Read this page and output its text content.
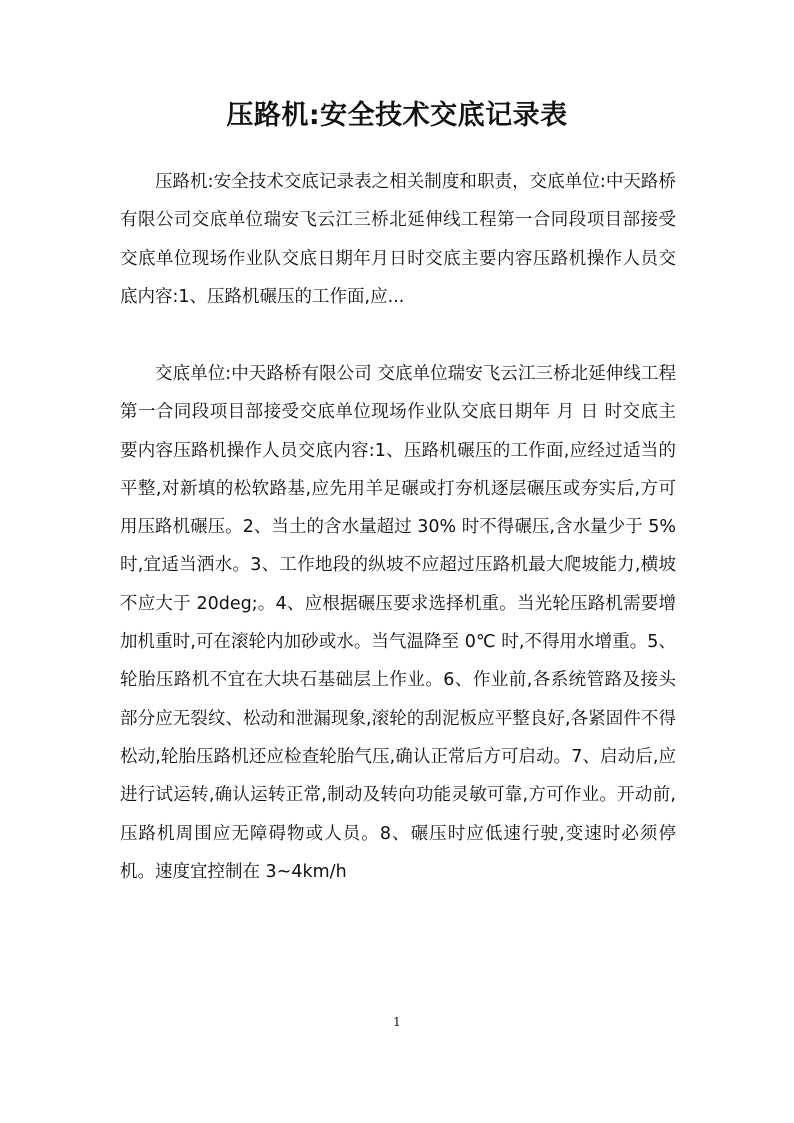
压路机:安全技术交底记录表

压路机:安全技术交底记录表之相关制度和职责，交底单位:中天路桥有限公司交底单位瑞安飞云江三桥北延伸线工程第一合同段项目部接受交底单位现场作业队交底日期年月日时交底主要内容压路机操作人员交底内容:1、压路机碾压的工作面,应...

交底单位:中天路桥有限公司 交底单位瑞安飞云江三桥北延伸线工程第一合同段项目部接受交底单位现场作业队交底日期年 月 日 时交底主要内容压路机操作人员交底内容:1、压路机碾压的工作面,应经过适当的平整,对新填的松软路基,应先用羊足碾或打夯机逐层碾压或夯实后,方可用压路机碾压。2、当土的含水量超过 30% 时不得碾压,含水量少于 5% 时,宜适当洒水。3、工作地段的纵坡不应超过压路机最大爬坡能力,横坡不应大于 20deg;。4、应根据碾压要求选择机重。当光轮压路机需要增加机重时,可在滚轮内加砂或水。当气温降至 0℃ 时,不得用水增重。5、轮胎压路机不宜在大块石基础层上作业。6、作业前,各系统管路及接头部分应无裂纹、松动和泄漏现象,滚轮的刮泥板应平整良好,各紧固件不得松动,轮胎压路机还应检查轮胎气压,确认正常后方可启动。7、启动后,应进行试运转,确认运转正常,制动及转向功能灵敏可靠,方可作业。开动前,压路机周围应无障碍物或人员。8、碾压时应低速行驶,变速时必须停机。速度宜控制在 3~4km/h

1
